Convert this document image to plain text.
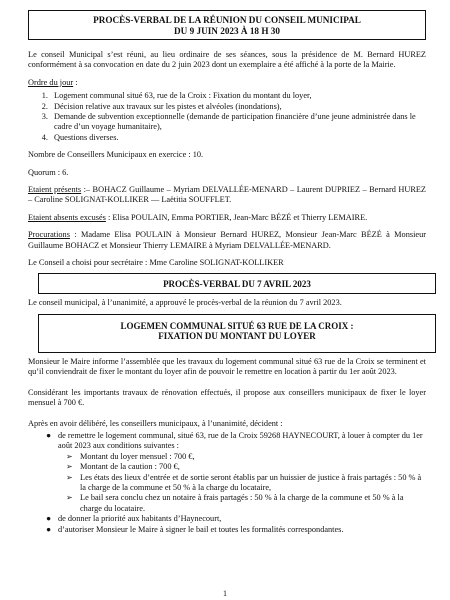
PROCÈS-VERBAL DE LA RÉUNION DU CONSEIL MUNICIPAL
DU 9 JUIN 2023 À 18 H 30

Le conseil Municipal s’est réuni, au lieu ordinaire de ses séances, sous la présidence de M. Bernard HUREZ conformément à sa convocation en date du 2 juin 2023 dont un exemplaire a été affiché à la porte de la Mairie.

Ordre du jour :

1. Logement communal situé 63, rue de la Croix : Fixation du montant du loyer,
2. Décision relative aux travaux sur les pistes et alvéoles (inondations),
3. Demande de subvention exceptionnelle (demande de participation financière d’une jeune administrée dans le cadre d’un voyage humanitaire),
4. Questions diverses.

Nombre de Conseillers Municipaux en exercice : 10.

Quorum : 6.

Etaient présents :– BOHACZ Guillaume – Myriam DELVALLÉE-MENARD – Laurent DUPRIEZ – Bernard HUREZ – Caroline SOLIGNAT-KOLLIKER — Laëtitia SOUFFLET.

Etaient absents excusés : Elisa POULAIN, Emma PORTIER, Jean-Marc BÉZÉ et Thierry LEMAIRE.

Procurations : Madame Elisa POULAIN à Monsieur Bernard HUREZ, Monsieur Jean-Marc BÉZÉ à Monsieur Guillaume BOHACZ et Monsieur Thierry LEMAIRE à Myriam DELVALLÉE-MENARD.

Le Conseil a choisi pour secrétaire : Mme Caroline SOLIGNAT-KOLLIKER

PROCÈS-VERBAL DU 7 AVRIL 2023

Le conseil municipal, à l’unanimité, a approuvé le procès-verbal de la réunion du 7 avril 2023.

LOGEMEN COMMUNAL SITUÉ 63 RUE DE LA CROIX :
FIXATION DU MONTANT DU LOYER

Monsieur le Maire informe l’assemblée que les travaux du logement communal situé 63 rue de la Croix se terminent et qu’il conviendrait de fixer le montant du loyer afin de pouvoir le remettre en location à partir du 1er août 2023.

Considérant les importants travaux de rénovation effectués, il propose aux conseillers municipaux de fixer le loyer mensuel à 700 €.

Après en avoir délibéré, les conseillers municipaux, à l’unanimité, décident :

● de remettre le logement communal, situé 63, rue de la Croix 59268 HAYNECOURT, à louer à compter du 1er août 2023 aux conditions suivantes :
➢ Montant du loyer mensuel : 700 €,
➢ Montant de la caution : 700 €,
➢ Les états des lieux d’entrée et de sortie seront établis par un huissier de justice à frais partagés : 50 % à la charge de la commune et 50 % à la charge du locataire,
➢ Le bail sera conclu chez un notaire à frais partagés : 50 % à la charge de la commune et 50 % à la charge du locataire.
● de donner la priorité aux habitants d’Haynecourt,
● d’autoriser Monsieur le Maire à signer le bail et toutes les formalités correspondantes.
1
